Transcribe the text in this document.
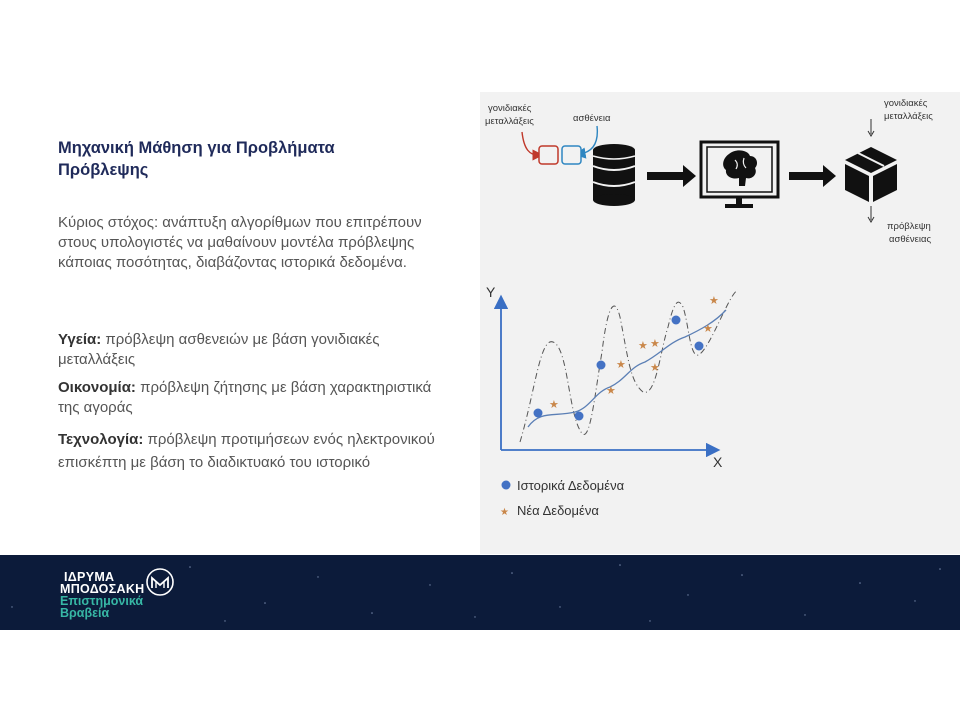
Μηχανική Μάθηση για Προβλήματα Πρόβλεψης
Κύριος στόχος: ανάπτυξη αλγορίθμων που επιτρέπουν στους υπολογιστές να μαθαίνουν μοντέλα πρόβλεψης κάποιας ποσότητας, διαβάζοντας ιστορικά δεδομένα.
Υγεία: πρόβλεψη ασθενειών με βάση γονιδιακές μεταλλάξεις
Οικονομία: πρόβλεψη ζήτησης με βάση χαρακτηριστικά της αγοράς
Τεχνολογία: πρόβλεψη προτιμήσεων ενός ηλεκτρονικού επισκέπτη με βάση το διαδικτυακό του ιστορικό
γονιδιακές
μεταλλάξεις	ασθένεια
γονιδιακές
μεταλλάξεις
πρόβλεψη
ασθένειας
Y
X
★
★
★
★ ★
★
★
★
Ιστορικά Δεδομένα
★ Νέα Δεδομένα
ΙΔΡΥΜΑ
ΜΠΟΔΟΣΑΚΗ
Επιστημονικά
Βραβεία
